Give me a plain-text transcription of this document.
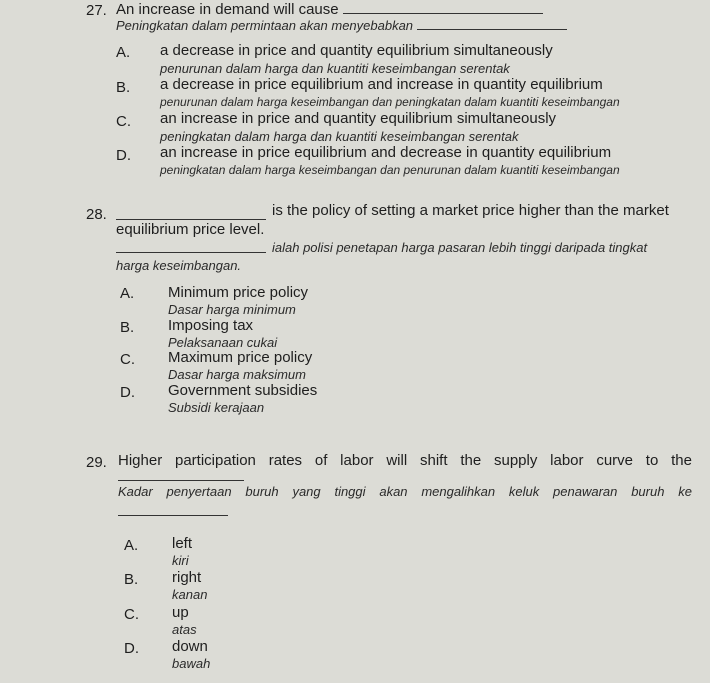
27. An increase in demand will cause
Peningkatan dalam permintaan akan menyebabkan
A. a decrease in price and quantity equilibrium simultaneously
penurunan dalam harga dan kuantiti keseimbangan serentak
B. a decrease in price equilibrium and increase in quantity equilibrium
penurunan dalam harga keseimbangan dan peningkatan dalam kuantiti keseimbangan
C. an increase in price and quantity equilibrium simultaneously
peningkatan dalam harga dan kuantiti keseimbangan serentak
D. an increase in price equilibrium and decrease in quantity equilibrium
peningkatan dalam harga keseimbangan dan penurunan dalam kuantiti keseimbangan
28.	is the policy of setting a market price higher than the market
equilibrium price level.
ialah polisi penetapan harga pasaran lebih tinggi daripada tingkat
harga keseimbangan.
A. Minimum price policy
Dasar harga minimum
B. Imposing tax
Pelaksanaan cukai
C. Maximum price policy
Dasar harga maksimum
D. Government subsidies
Subsidi kerajaan
29. Higher participation rates of labor will shift the supply labor curve to the
Kadar penyertaan buruh yang tinggi akan mengalihkan keluk penawaran buruh ke
A. left
kiri
B. right
kanan
C. up
atas
D. down
bawah
